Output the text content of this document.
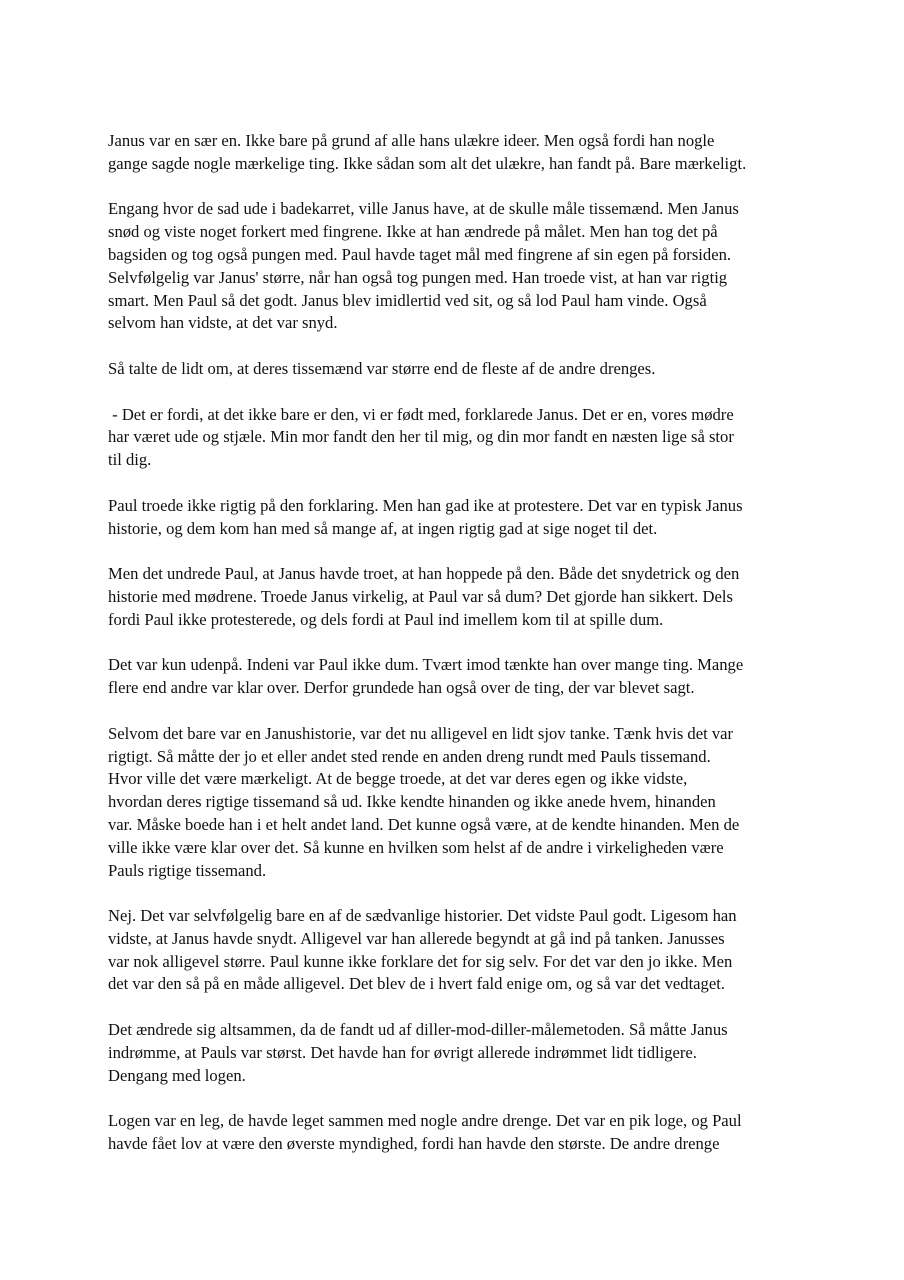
Janus var en sær en. Ikke bare på grund af alle hans ulækre ideer. Men også fordi han nogle
gange sagde nogle mærkelige ting. Ikke sådan som alt det ulækre, han fandt på. Bare mærkeligt.

Engang hvor de sad ude i badekarret, ville Janus have, at de skulle måle tissemænd. Men Janus
snød og viste noget forkert med fingrene. Ikke at han ændrede på målet. Men han tog det på
bagsiden og tog også pungen med. Paul havde taget mål med fingrene af sin egen på forsiden.
Selvfølgelig var Janus' større, når han også tog pungen med. Han troede vist, at han var rigtig
smart. Men Paul så det godt. Janus blev imidlertid ved sit, og så lod Paul ham vinde. Også
selvom han vidste, at det var snyd.

Så talte de lidt om, at deres tissemænd var større end de fleste af de andre drenges.

- Det er fordi, at det ikke bare er den, vi er født med, forklarede Janus. Det er en, vores mødre
har været ude og stjæle. Min mor fandt den her til mig, og din mor fandt en næsten lige så stor
til dig.

Paul troede ikke rigtig på den forklaring. Men han gad ike at protestere. Det var en typisk Janus
historie, og dem kom han med så mange af, at ingen rigtig gad at sige noget til det.

Men det undrede Paul, at Janus havde troet, at han hoppede på den. Både det snydetrick og den
historie med mødrene. Troede Janus virkelig, at Paul var så dum? Det gjorde han sikkert. Dels
fordi Paul ikke protesterede, og dels fordi at Paul ind imellem kom til at spille dum.

Det var kun udenpå. Indeni var Paul ikke dum. Tvært imod tænkte han over mange ting. Mange
flere end andre var klar over. Derfor grundede han også over de ting, der var blevet sagt.

Selvom det bare var en Janushistorie, var det nu alligevel en lidt sjov tanke. Tænk hvis det var
rigtigt. Så måtte der jo et eller andet sted rende en anden dreng rundt med Pauls tissemand.
Hvor ville det være mærkeligt. At de begge troede, at det var deres egen og ikke vidste,
hvordan deres rigtige tissemand så ud. Ikke kendte hinanden og ikke anede hvem, hinanden
var. Måske boede han i et helt andet land. Det kunne også være, at de kendte hinanden. Men de
ville ikke være klar over det. Så kunne en hvilken som helst af de andre i virkeligheden være
Pauls rigtige tissemand.

Nej. Det var selvfølgelig bare en af de sædvanlige historier. Det vidste Paul godt. Ligesom han
vidste, at Janus havde snydt. Alligevel var han allerede begyndt at gå ind på tanken. Janusses
var nok alligevel større. Paul kunne ikke forklare det for sig selv. For det var den jo ikke. Men
det var den så på en måde alligevel. Det blev de i hvert fald enige om, og så var det vedtaget.

Det ændrede sig altsammen, da de fandt ud af diller-mod-diller-målemetoden. Så måtte Janus
indrømme, at Pauls var størst. Det havde han for øvrigt allerede indrømmet lidt tidligere.
Dengang med logen.

Logen var en leg, de havde leget sammen med nogle andre drenge. Det var en pik loge, og Paul
havde fået lov at være den øverste myndighed, fordi han havde den største. De andre drenge
